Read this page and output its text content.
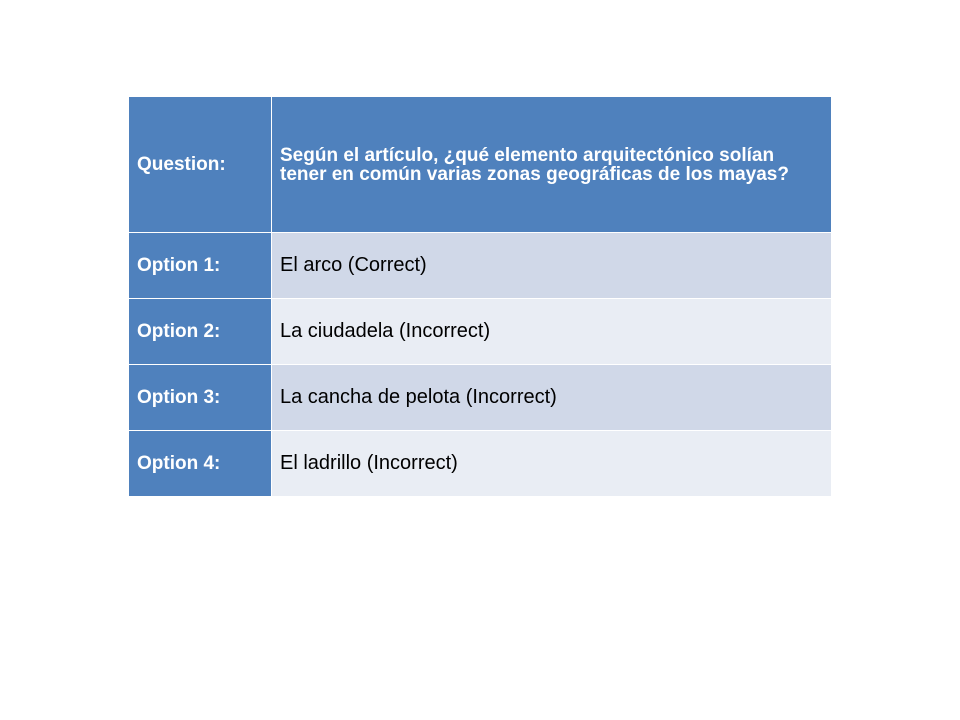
Question:	Según el artículo, ¿qué elemento arquitectónico solían tener en común varias zonas geográficas de los mayas?
Option 1:	El arco (Correct)
Option 2:	La ciudadela (Incorrect)
Option 3:	La cancha de pelota (Incorrect)
Option 4:	El ladrillo (Incorrect)
